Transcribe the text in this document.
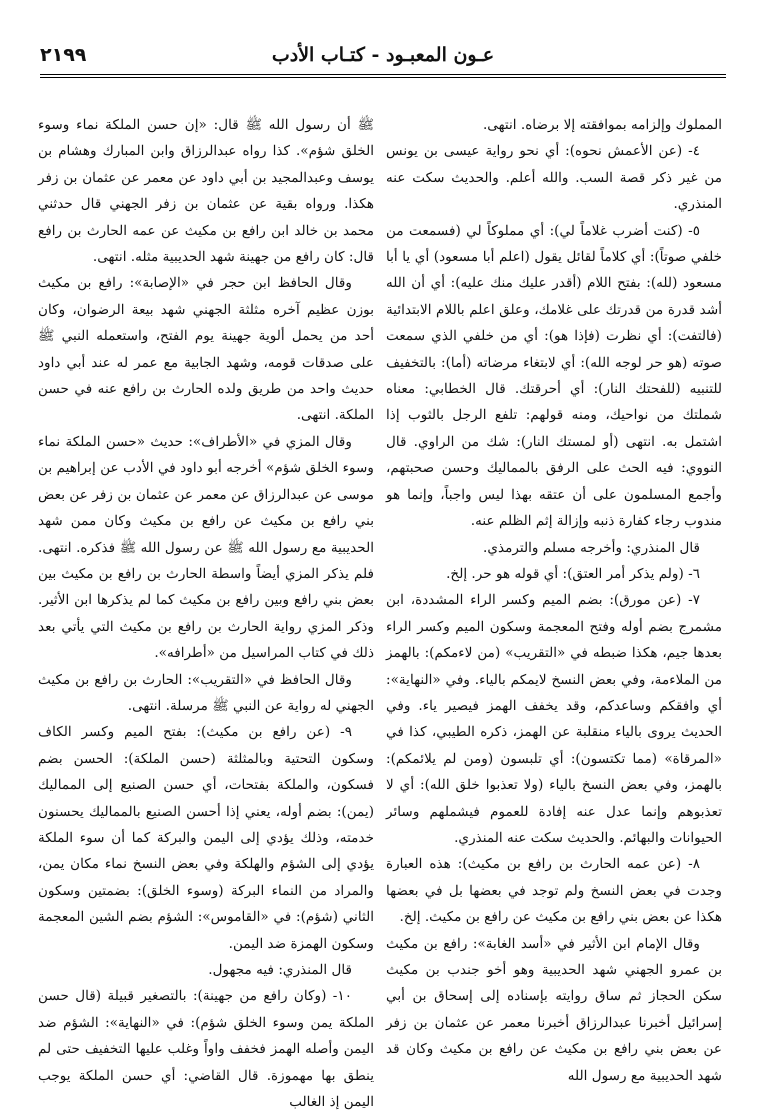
عـون المعبـود - كتـاب الأدب
٢١٩٩

المملوك وإلزامه بموافقته إلا برضاه. انتهى.

٤- (عن الأعمش نحوه): أي نحو رواية عيسى بن يونس من غير ذكر قصة السب. والله أعلم. والحديث سكت عنه المنذري.

٥- (كنت أضرب غلاماً لي): أي مملوكاً لي (فسمعت من خلفي صوتاً): أي كلاماً لقائل يقول (اعلم أبا مسعود) أي يا أبا مسعود (لله): بفتح اللام (أقدر عليك منك عليه): أي أن الله أشد قدرة من قدرتك على غلامك، وعلق اعلم باللام الابتدائية (فالتفت): أي نظرت (فإذا هو): أي من خلفي الذي سمعت صوته (هو حر لوجه الله): أي لابتغاء مرضاته (أما): بالتخفيف للتنبيه (للفحتك النار): أي أحرقتك. قال الخطابي: معناه شملتك من نواحيك، ومنه قولهم: تلفع الرجل بالثوب إذا اشتمل به. انتهى (أو لمستك النار): شك من الراوي. قال النووي: فيه الحث على الرفق بالمماليك وحسن صحبتهم، وأجمع المسلمون على أن عتقه بهذا ليس واجباً، وإنما هو مندوب رجاء كفارة ذنبه وإزالة إثم الظلم عنه.

قال المنذري: وأخرجه مسلم والترمذي.

٦- (ولم يذكر أمر العتق): أي قوله هو حر. إلخ.

٧- (عن مورق): بضم الميم وكسر الراء المشددة، ابن مشمرج بضم أوله وفتح المعجمة وسكون الميم وكسر الراء بعدها جيم، هكذا ضبطه في «التقريب» (من لاءمكم): بالهمز من الملاءمة، وفي بعض النسخ لايمكم بالياء. وفي «النهاية»: أي وافقكم وساعدكم، وقد يخفف الهمز فيصير ياء. وفي الحديث يروى بالياء منقلبة عن الهمز، ذكره الطيبي، كذا في «المرقاة» (مما تكتسون): أي تلبسون (ومن لم يلائمكم): بالهمز، وفي بعض النسخ بالياء (ولا تعذبوا خلق الله): أي لا تعذبوهم وإنما عدل عنه إفادة للعموم فيشملهم وسائر الحيوانات والبهائم. والحديث سكت عنه المنذري.

٨- (عن عمه الحارث بن رافع بن مكيث): هذه العبارة وجدت في بعض النسخ ولم توجد في بعضها بل في بعضها هكذا عن بعض بني رافع بن مكيث عن رافع بن مكيث. إلخ.

وقال الإمام ابن الأثير في «أسد الغابة»: رافع بن مكيث بن عمرو الجهني شهد الحديبية وهو أخو جندب بن مكيث سكن الحجاز ثم ساق روايته بإسناده إلى إسحاق بن أبي إسرائيل أخبرنا عبدالرزاق أخبرنا معمر عن عثمان بن زفر عن بعض بني رافع بن مكيث عن رافع بن مكيث وكان قد شهد الحديبية مع رسول الله

ﷺ أن رسول الله ﷺ قال: «إن حسن الملكة نماء وسوء الخلق شؤم». كذا رواه عبدالرزاق وابن المبارك وهشام بن يوسف وعبدالمجيد بن أبي داود عن معمر عن عثمان بن زفر هكذا. ورواه بقية عن عثمان بن زفر الجهني قال حدثني محمد بن خالد ابن رافع بن مكيث عن عمه الحارث بن رافع قال: كان رافع من جهينة شهد الحديبية مثله. انتهى.

وقال الحافظ ابن حجر في «الإصابة»: رافع بن مكيث بوزن عظيم آخره مثلثة الجهني شهد بيعة الرضوان، وكان أحد من يحمل ألوية جهينة يوم الفتح، واستعمله النبي ﷺ على صدقات قومه، وشهد الجابية مع عمر له عند أبي داود حديث واحد من طريق ولده الحارث بن رافع عنه في حسن الملكة. انتهى.

وقال المزي في «الأطراف»: حديث «حسن الملكة نماء وسوء الخلق شؤم» أخرجه أبو داود في الأدب عن إبراهيم بن موسى عن عبدالرزاق عن معمر عن عثمان بن زفر عن بعض بني رافع بن مكيث عن رافع بن مكيث وكان ممن شهد الحديبية مع رسول الله ﷺ عن رسول الله ﷺ فذكره. انتهى. فلم يذكر المزي أيضاً واسطة الحارث بن رافع بن مكيث بين بعض بني رافع وبين رافع بن مكيث كما لم يذكرها ابن الأثير. وذكر المزي رواية الحارث بن رافع بن مكيث التي يأتي بعد ذلك في كتاب المراسيل من «أطرافه».

وقال الحافظ في «التقريب»: الحارث بن رافع بن مكيث الجهني له رواية عن النبي ﷺ مرسلة. انتهى.

٩- (عن رافع بن مكيث): بفتح الميم وكسر الكاف وسكون التحتية وبالمثلثة (حسن الملكة): الحسن بضم فسكون، والملكة بفتحات، أي حسن الصنيع إلى المماليك (يمن): بضم أوله، يعني إذا أحسن الصنيع بالمماليك يحسنون خدمته، وذلك يؤدي إلى اليمن والبركة كما أن سوء الملكة يؤدي إلى الشؤم والهلكة وفي بعض النسخ نماء مكان يمن، والمراد من النماء البركة (وسوء الخلق): بضمتين وسكون الثاني (شؤم): في «القاموس»: الشؤم بضم الشين المعجمة وسكون الهمزة ضد اليمن.

قال المنذري: فيه مجهول.

١٠- (وكان رافع من جهينة): بالتصغير قبيلة (قال حسن الملكة يمن وسوء الخلق شؤم): في «النهاية»: الشؤم ضد اليمن وأصله الهمز فخفف واواً وغلب عليها التخفيف حتى لم ينطق بها مهموزة. قال القاضي: أي حسن الملكة يوجب اليمن إذ الغالب
